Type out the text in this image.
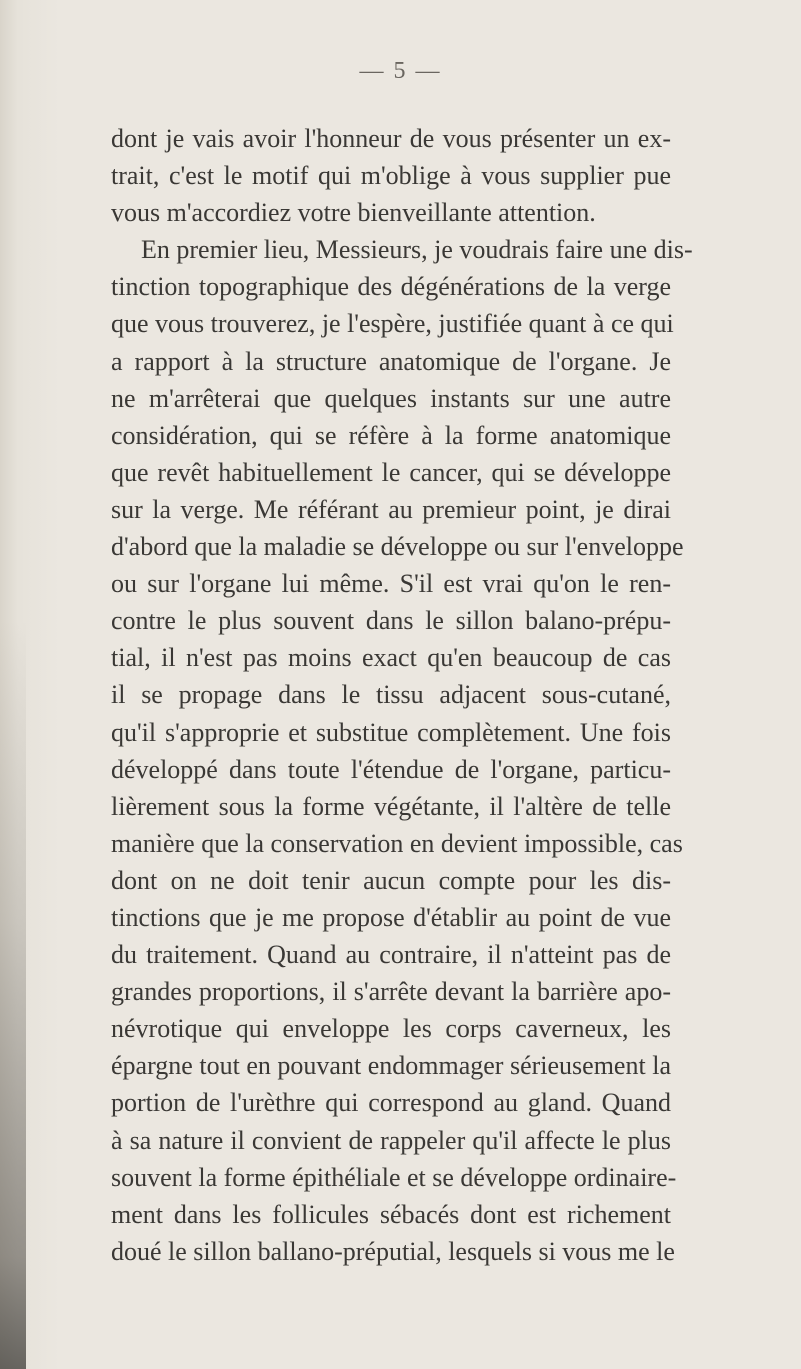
— 5 —
dont je vais avoir l'honneur de vous présenter un ex-
trait, c'est le motif qui m'oblige à vous supplier pue
vous m'accordiez votre bienveillante attention.
En premier lieu, Messieurs, je voudrais faire une dis-
tinction topographique des dégénérations de la verge
que vous trouverez, je l'espère, justifiée quant à ce qui
a rapport à la structure anatomique de l'organe. Je
ne m'arrêterai que quelques instants sur une autre
considération, qui se réfère à la forme anatomique
que revêt habituellement le cancer, qui se développe
sur la verge. Me référant au premieur point, je dirai
d'abord que la maladie se développe ou sur l'enveloppe
ou sur l'organe lui même. S'il est vrai qu'on le ren-
contre le plus souvent dans le sillon balano-prépu-
tial, il n'est pas moins exact qu'en beaucoup de cas
il se propage dans le tissu adjacent sous-cutané,
qu'il s'approprie et substitue complètement. Une fois
développé dans toute l'étendue de l'organe, particu-
lièrement sous la forme végétante, il l'altère de telle
manière que la conservation en devient impossible, cas
dont on ne doit tenir aucun compte pour les dis-
tinctions que je me propose d'établir au point de vue
du traitement. Quand au contraire, il n'atteint pas de
grandes proportions, il s'arrête devant la barrière apo-
névrotique qui enveloppe les corps caverneux, les
épargne tout en pouvant endommager sérieusement la
portion de l'urèthre qui correspond au gland. Quand
à sa nature il convient de rappeler qu'il affecte le plus
souvent la forme épithéliale et se développe ordinaire-
ment dans les follicules sébacés dont est richement
doué le sillon ballano-préputial, lesquels si vous me le
